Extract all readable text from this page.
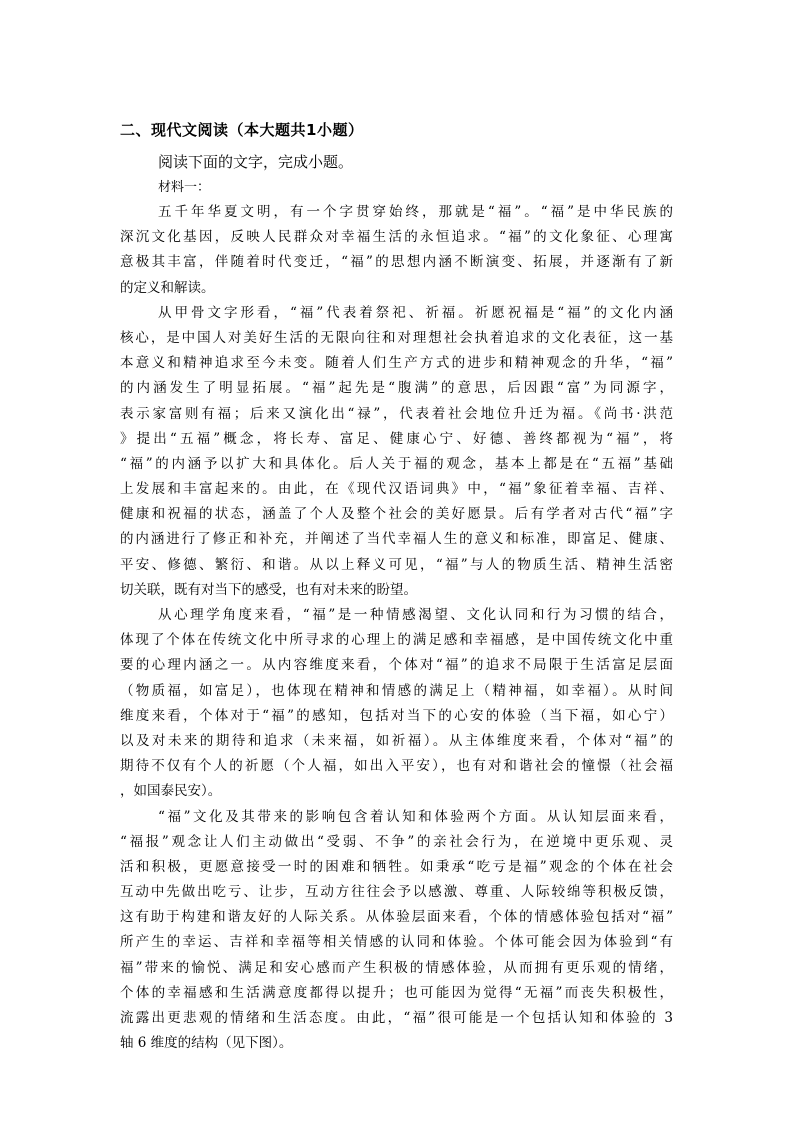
二、现代文阅读（本大题共1小题）
阅读下面的文字，完成小题。
材料一：
五千年华夏文明，有一个字贯穿始终，那就是“福”。“福”是中华民族的
深沉文化基因，反映人民群众对幸福生活的永恒追求。“福”的文化象征、心理寓
意极其丰富，伴随着时代变迁，“福”的思想内涵不断演变、拓展，并逐渐有了新
的定义和解读。
从甲骨文字形看，“福”代表着祭祀、祈福。祈愿祝福是“福”的文化内涵
核心，是中国人对美好生活的无限向往和对理想社会执着追求的文化表征，这一基
本意义和精神追求至今未变。随着人们生产方式的进步和精神观念的升华，“福”
的内涵发生了明显拓展。“福”起先是“腹满”的意思，后因跟“富”为同源字，
表示家富则有福；后来又演化出“禄”，代表着社会地位升迁为福。《尚书·洪范
》提出“五福”概念，将长寿、富足、健康心宁、好德、善终都视为“福”，将
“福”的内涵予以扩大和具体化。后人关于福的观念，基本上都是在“五福”基础
上发展和丰富起来的。由此，在《现代汉语词典》中，“福”象征着幸福、吉祥、
健康和祝福的状态，涵盖了个人及整个社会的美好愿景。后有学者对古代“福”字
的内涵进行了修正和补充，并阐述了当代幸福人生的意义和标准，即富足、健康、
平安、修德、繁衍、和谐。从以上释义可见，“福”与人的物质生活、精神生活密
切关联，既有对当下的感受，也有对未来的盼望。
从心理学角度来看，“福”是一种情感渴望、文化认同和行为习惯的结合，
体现了个体在传统文化中所寻求的心理上的满足感和幸福感，是中国传统文化中重
要的心理内涵之一。从内容维度来看，个体对“福”的追求不局限于生活富足层面
（物质福，如富足），也体现在精神和情感的满足上（精神福，如幸福）。从时间
维度来看，个体对于“福”的感知，包括对当下的心安的体验（当下福，如心宁）
以及对未来的期待和追求（未来福，如祈福）。从主体维度来看，个体对“福”的
期待不仅有个人的祈愿（个人福，如出入平安），也有对和谐社会的憧憬（社会福
，如国泰民安）。
“福”文化及其带来的影响包含着认知和体验两个方面。从认知层面来看，
“福报”观念让人们主动做出“受弱、不争”的亲社会行为，在逆境中更乐观、灵
活和积极，更愿意接受一时的困难和牺牲。如秉承“吃亏是福”观念的个体在社会
互动中先做出吃亏、让步，互动方往往会予以感激、尊重、人际较绵等积极反馈，
这有助于构建和谐友好的人际关系。从体验层面来看，个体的情感体验包括对“福”
所产生的幸运、吉祥和幸福等相关情感的认同和体验。个体可能会因为体验到“有
福”带来的愉悦、满足和安心感而产生积极的情感体验，从而拥有更乐观的情绪，
个体的幸福感和生活满意度都得以提升；也可能因为觉得“无福”而丧失积极性，
流露出更悲观的情绪和生活态度。由此，“福”很可能是一个包括认知和体验的 3
轴 6 维度的结构（见下图）。
